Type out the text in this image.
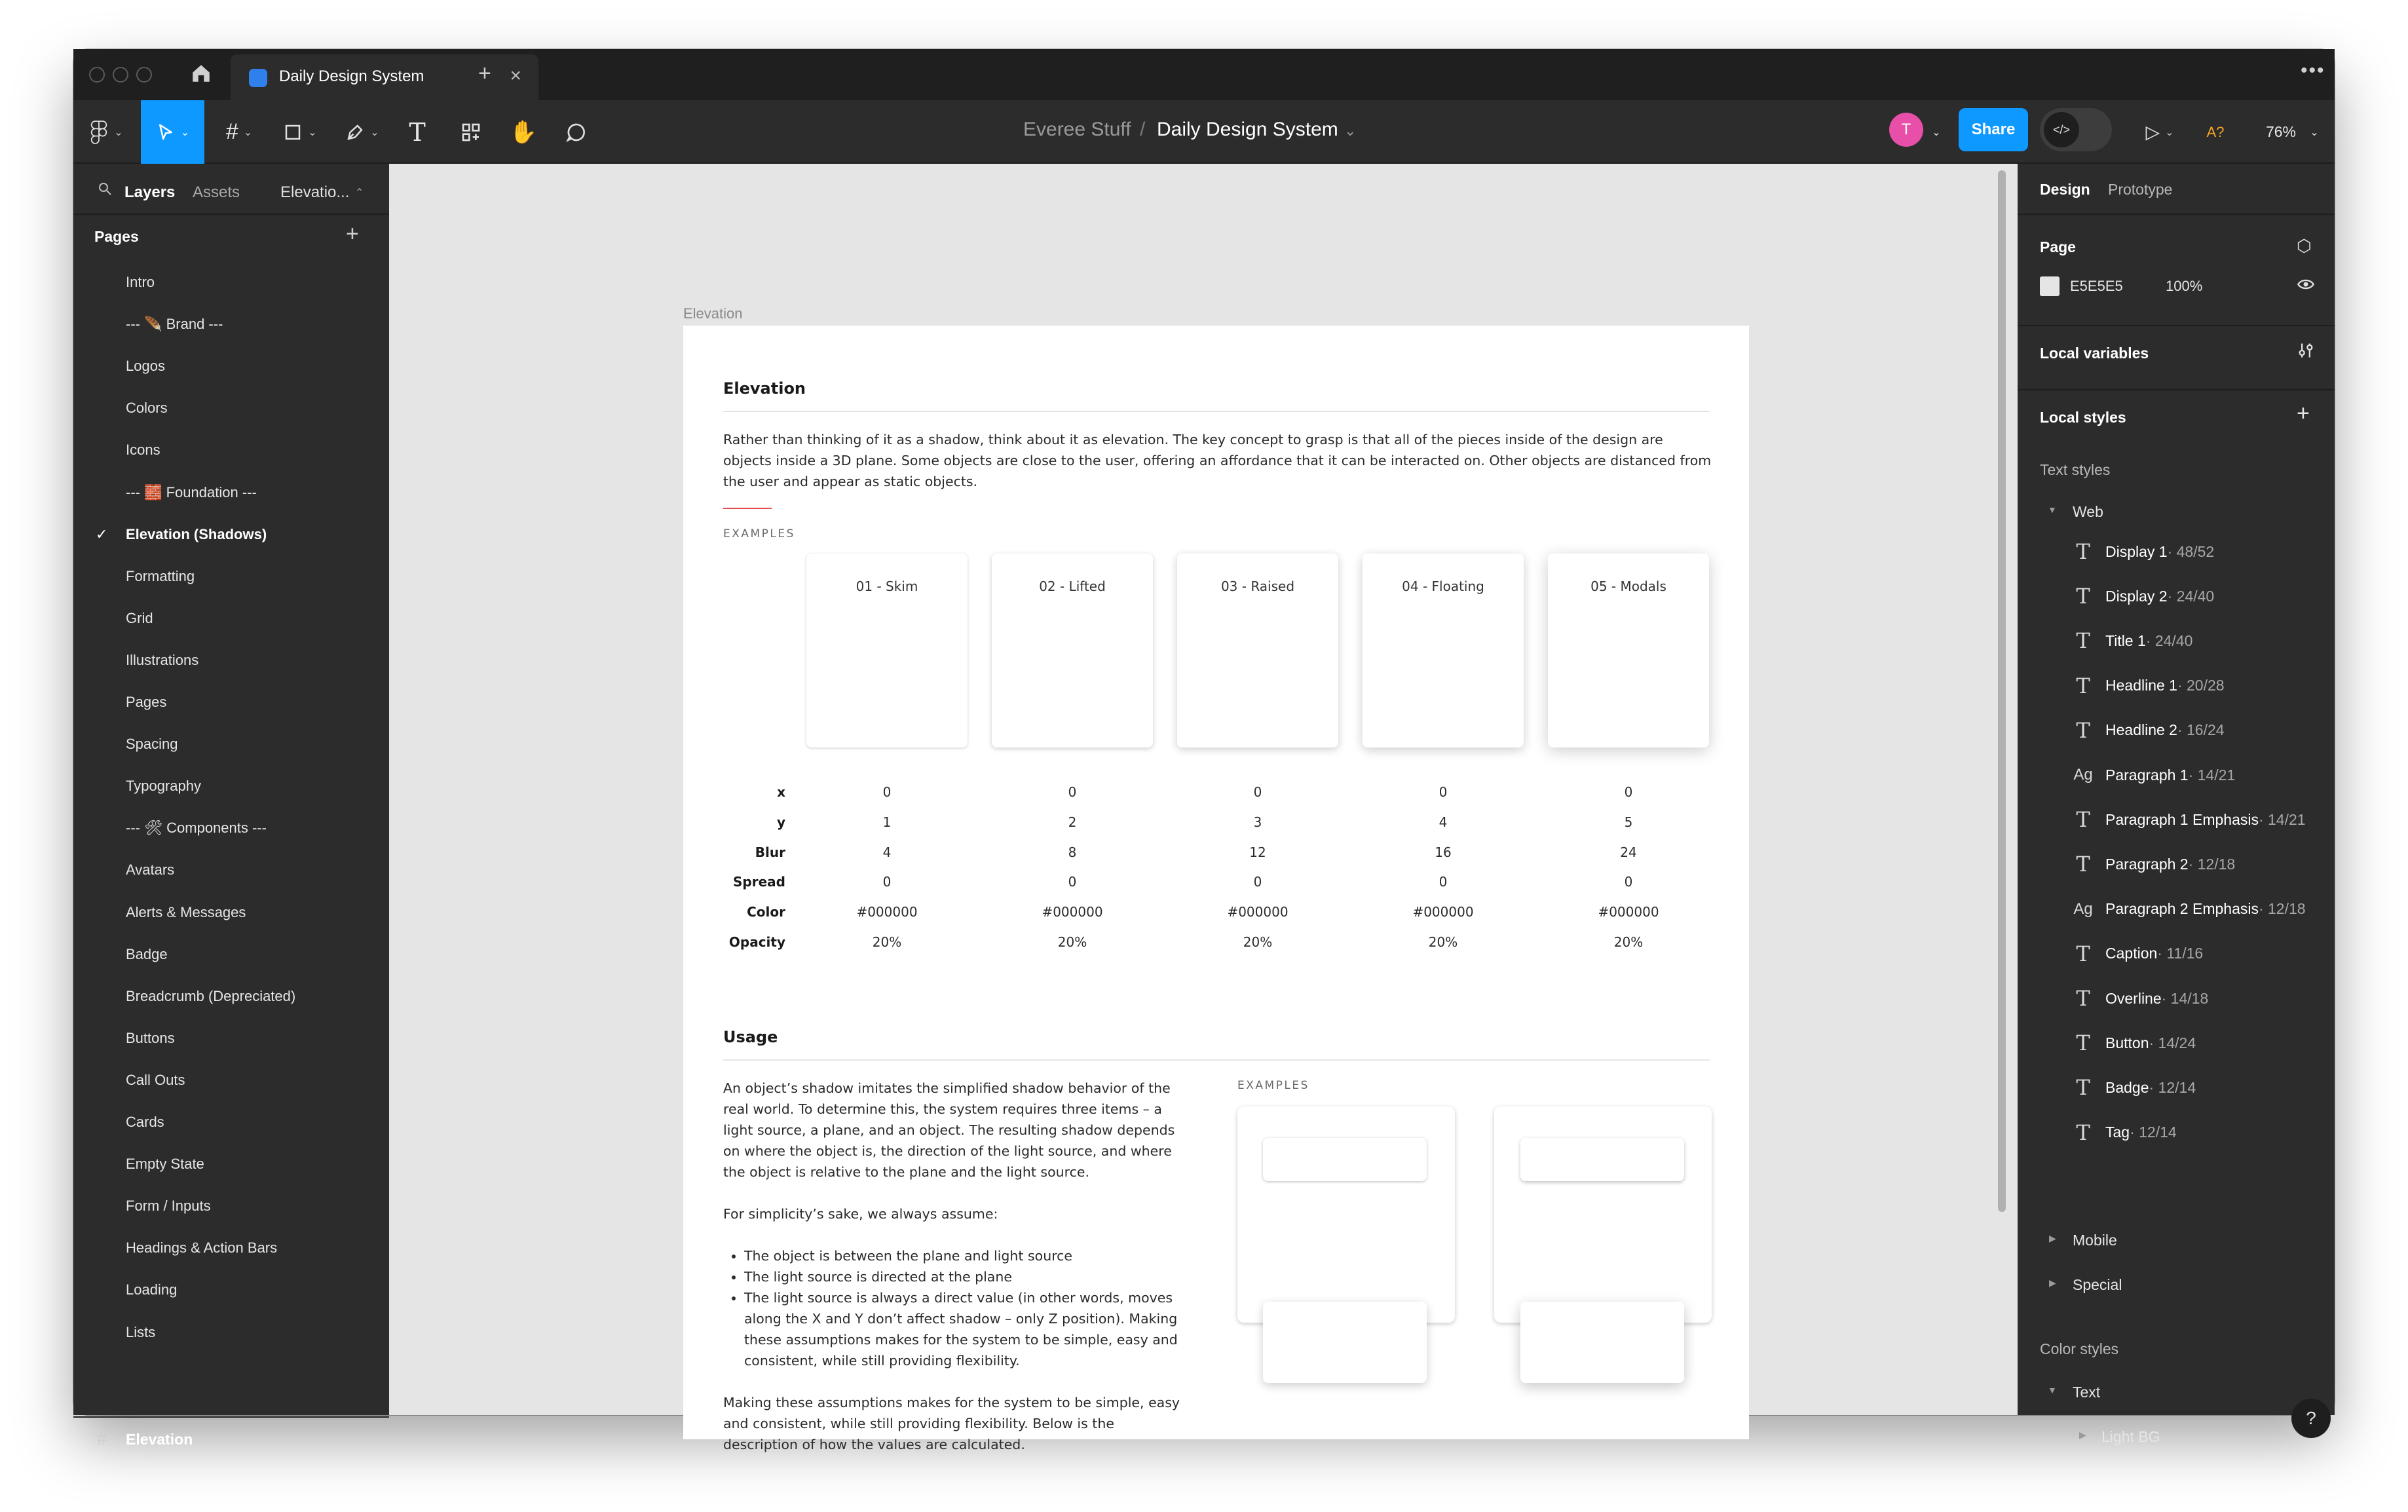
Daily Design System	×
+	•••
⌄	⌄ # ⌄	⌄	⌄ T	✋	Everee Stuff / Daily Design System ⌄	T	⌄	Share	</>	▷ ⌄	A?	76%	⌄
Layers Assets	Elevatio... ⌃
Pages	+
Intro
--- 🪶 Brand ---
Logos
Colors
Icons
--- 🧱 Foundation ---
Elevation (Shadows)
✓
Formatting
Grid
Illustrations
Pages
Spacing
Typography
--- 🛠 Components ---
Avatars
Alerts & Messages
Badge
Breadcrumb (Depreciated)
Buttons
Call Outs
Cards
Empty State
Form / Inputs
Headings & Action Bars
Loading
Lists
# Elevation
Elevation
Elevation
Rather than thinking of it as a shadow, think about it as elevation. The key concept to grasp is that all of the pieces inside of the design are objects inside a 3D plane. Some objects are close to the user, offering an affordance that it can be interacted on. Other objects are distanced from the user and appear as static objects.
EXAMPLES
01 - Skim	02 - Lifted	03 - Raised	04 - Floating	05 - Modals
x	0	0	0	0	0
y	1	2	3	4	5
Blur	4	8	12	16	24
Spread	0	0	0	0	0
Color	#000000	#000000	#000000	#000000	#000000
Opacity	20%	20%	20%	20%	20%
Usage
An object’s shadow imitates the simplified shadow behavior of the real world. To determine this, the system requires three items – a light source, a plane, and an object. The resulting shadow depends on where the object is, the direction of the light source, and where the object is relative to the plane and the light source.
For simplicity’s sake, we always assume:
• The object is between the plane and light source
• The light source is directed at the plane
• The light source is always a direct value (in other words, moves along the X and Y don’t affect shadow – only Z position). Making these assumptions makes for the system to be simple, easy and consistent, while still providing flexibility.
Making these assumptions makes for the system to be simple, easy and consistent, while still providing flexibility. Below is the description of how the values are calculated.
EXAMPLES
Design Prototype
Page	⬡
E5E5E5	100%
Local variables
Local styles	+
Text styles
▼ Web
T	Display 1 · 48/52
T	Display 2 · 24/40
T	Title 1 · 24/40
T	Headline 1 · 20/28
T	Headline 2 · 16/24
Ag Paragraph 1 · 14/21
T	Paragraph 1 Emphasis · 14/21
T	Paragraph 2 · 12/18
Ag Paragraph 2 Emphasis · 12/18
T	Caption · 11/16
T	Overline · 14/18
T	Button · 14/24
T	Badge · 12/14
T	Tag · 12/14
▶ Mobile
▶ Special
Color styles
▼ Text
▶ Light BG
?
